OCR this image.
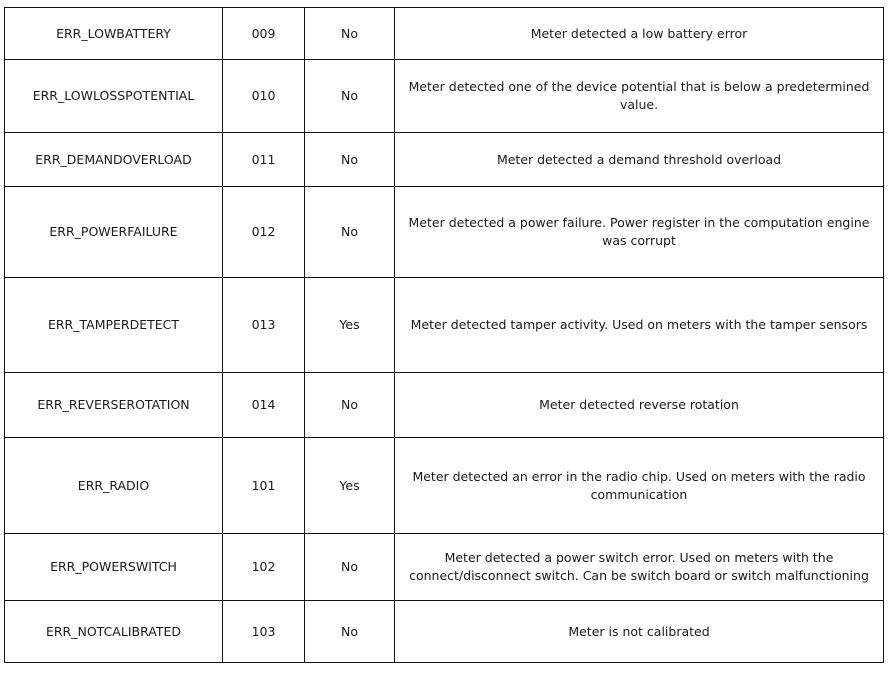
ERR_LOWBATTERY	009	No	Meter detected a low battery error
ERR_LOWLOSSPOTENTIAL	010	No	Meter detected one of the device potential that is below a predetermined value.
ERR_DEMANDOVERLOAD	011	No	Meter detected a demand threshold overload
ERR_POWERFAILURE	012	No	Meter detected a power failure. Power register in the computation engine was corrupt
ERR_TAMPERDETECT	013	Yes	Meter detected tamper activity. Used on meters with the tamper sensors
ERR_REVERSEROTATION	014	No	Meter detected reverse rotation
ERR_RADIO	101	Yes	Meter detected an error in the radio chip. Used on meters with the radio communication
ERR_POWERSWITCH	102	No	Meter detected a power switch error. Used on meters with the connect/disconnect switch. Can be switch board or switch malfunctioning
ERR_NOTCALIBRATED	103	No	Meter is not calibrated
